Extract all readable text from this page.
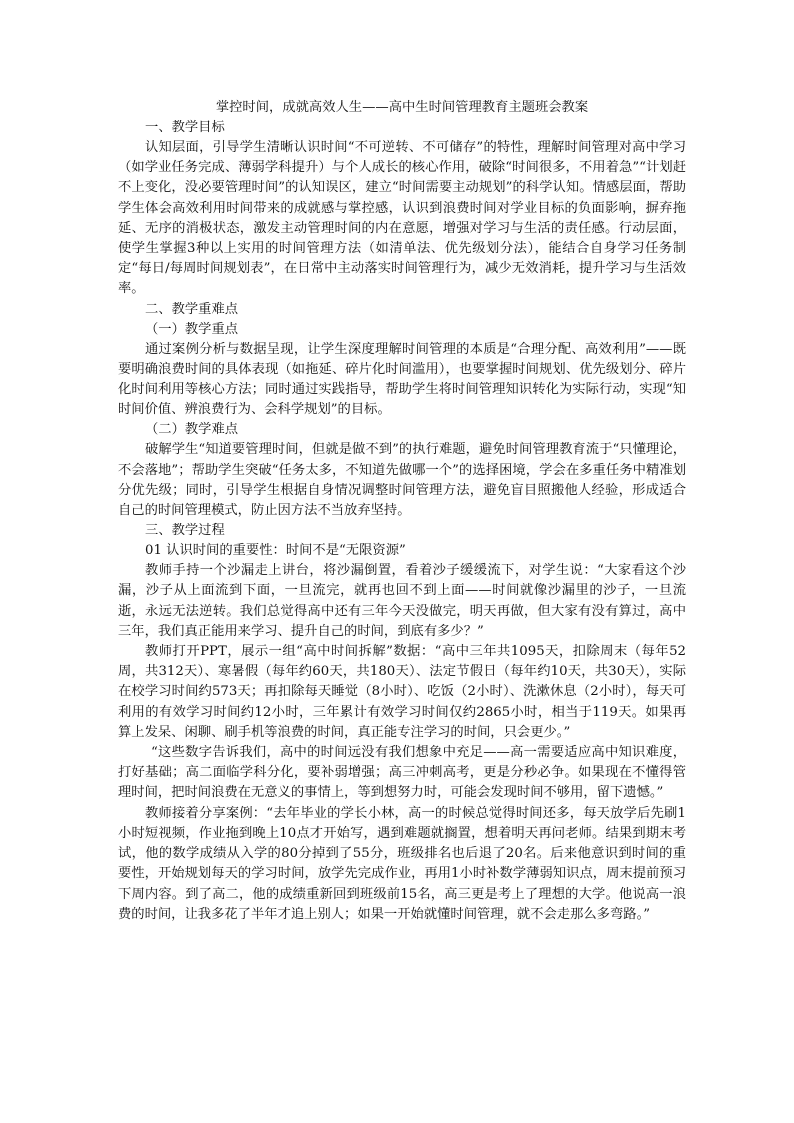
掌控时间，成就高效人生——高中生时间管理教育主题班会教案

一、教学目标

认知层面，引导学生清晰认识时间“不可逆转、不可储存”的特性，理解时间管理对高中学习（如学业任务完成、薄弱学科提升）与个人成长的核心作用，破除“时间很多，不用着急”“计划赶不上变化，没必要管理时间”的认知误区，建立“时间需要主动规划”的科学认知。情感层面，帮助学生体会高效利用时间带来的成就感与掌控感，认识到浪费时间对学业目标的负面影响，摒弃拖延、无序的消极状态，激发主动管理时间的内在意愿，增强对学习与生活的责任感。行动层面，使学生掌握3种以上实用的时间管理方法（如清单法、优先级划分法），能结合自身学习任务制定“每日/每周时间规划表”，在日常中主动落实时间管理行为，减少无效消耗，提升学习与生活效率。

二、教学重难点

（一）教学重点

通过案例分析与数据呈现，让学生深度理解时间管理的本质是“合理分配、高效利用”——既要明确浪费时间的具体表现（如拖延、碎片化时间滥用），也要掌握时间规划、优先级划分、碎片化时间利用等核心方法；同时通过实践指导，帮助学生将时间管理知识转化为实际行动，实现“知时间价值、辨浪费行为、会科学规划”的目标。

（二）教学难点

破解学生“知道要管理时间，但就是做不到”的执行难题，避免时间管理教育流于“只懂理论，不会落地”；帮助学生突破“任务太多，不知道先做哪一个”的选择困境，学会在多重任务中精准划分优先级；同时，引导学生根据自身情况调整时间管理方法，避免盲目照搬他人经验，形成适合自己的时间管理模式，防止因方法不当放弃坚持。

三、教学过程

01 认识时间的重要性：时间不是“无限资源”

教师手持一个沙漏走上讲台，将沙漏倒置，看着沙子缓缓流下，对学生说：“大家看这个沙漏，沙子从上面流到下面，一旦流完，就再也回不到上面——时间就像沙漏里的沙子，一旦流逝，永远无法逆转。我们总觉得高中还有三年今天没做完，明天再做，但大家有没有算过，高中三年，我们真正能用来学习、提升自己的时间，到底有多少？”

教师打开PPT，展示一组“高中时间拆解”数据：“高中三年共1095天，扣除周末（每年52周，共312天）、寒暑假（每年约60天，共180天）、法定节假日（每年约10天，共30天），实际在校学习时间约573天；再扣除每天睡觉（8小时）、吃饭（2小时）、洗漱休息（2小时），每天可利用的有效学习时间约12小时，三年累计有效学习时间仅约2865小时，相当于119天。如果再算上发呆、闲聊、刷手机等浪费的时间，真正能专注学习的时间，只会更少。”

“这些数字告诉我们，高中的时间远没有我们想象中充足——高一需要适应高中知识难度，打好基础；高二面临学科分化，要补弱增强；高三冲刺高考，更是分秒必争。如果现在不懂得管理时间，把时间浪费在无意义的事情上，等到想努力时，可能会发现时间不够用，留下遗憾。”

教师接着分享案例：“去年毕业的学长小林，高一的时候总觉得时间还多，每天放学后先刷1小时短视频，作业拖到晚上10点才开始写，遇到难题就搁置，想着明天再问老师。结果到期末考试，他的数学成绩从入学的80分掉到了55分，班级排名也后退了20名。后来他意识到时间的重要性，开始规划每天的学习时间，放学先完成作业，再用1小时补数学薄弱知识点，周末提前预习下周内容。到了高二，他的成绩重新回到班级前15名，高三更是考上了理想的大学。他说高一浪费的时间，让我多花了半年才追上别人；如果一开始就懂时间管理，就不会走那么多弯路。”
